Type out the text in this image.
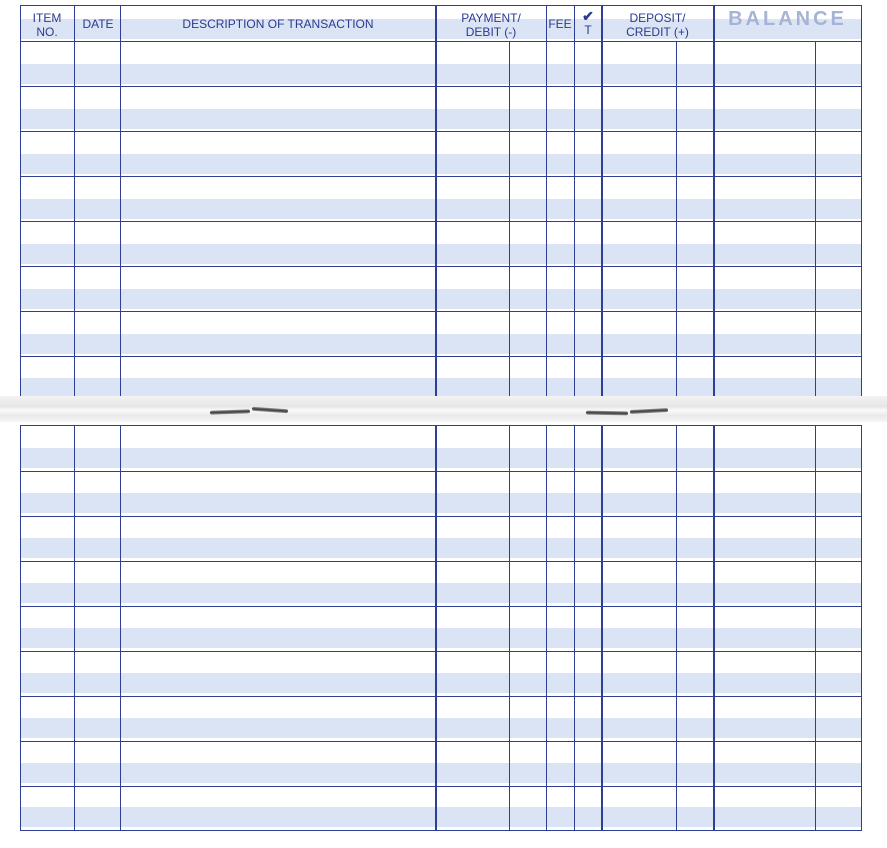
ITEM
NO.
DATE	DESCRIPTION OF TRANSACTION	PAYMENT/
DEBIT (-)
FEE ✔
T
DEPOSIT/
CREDIT (+)
BALANCE
